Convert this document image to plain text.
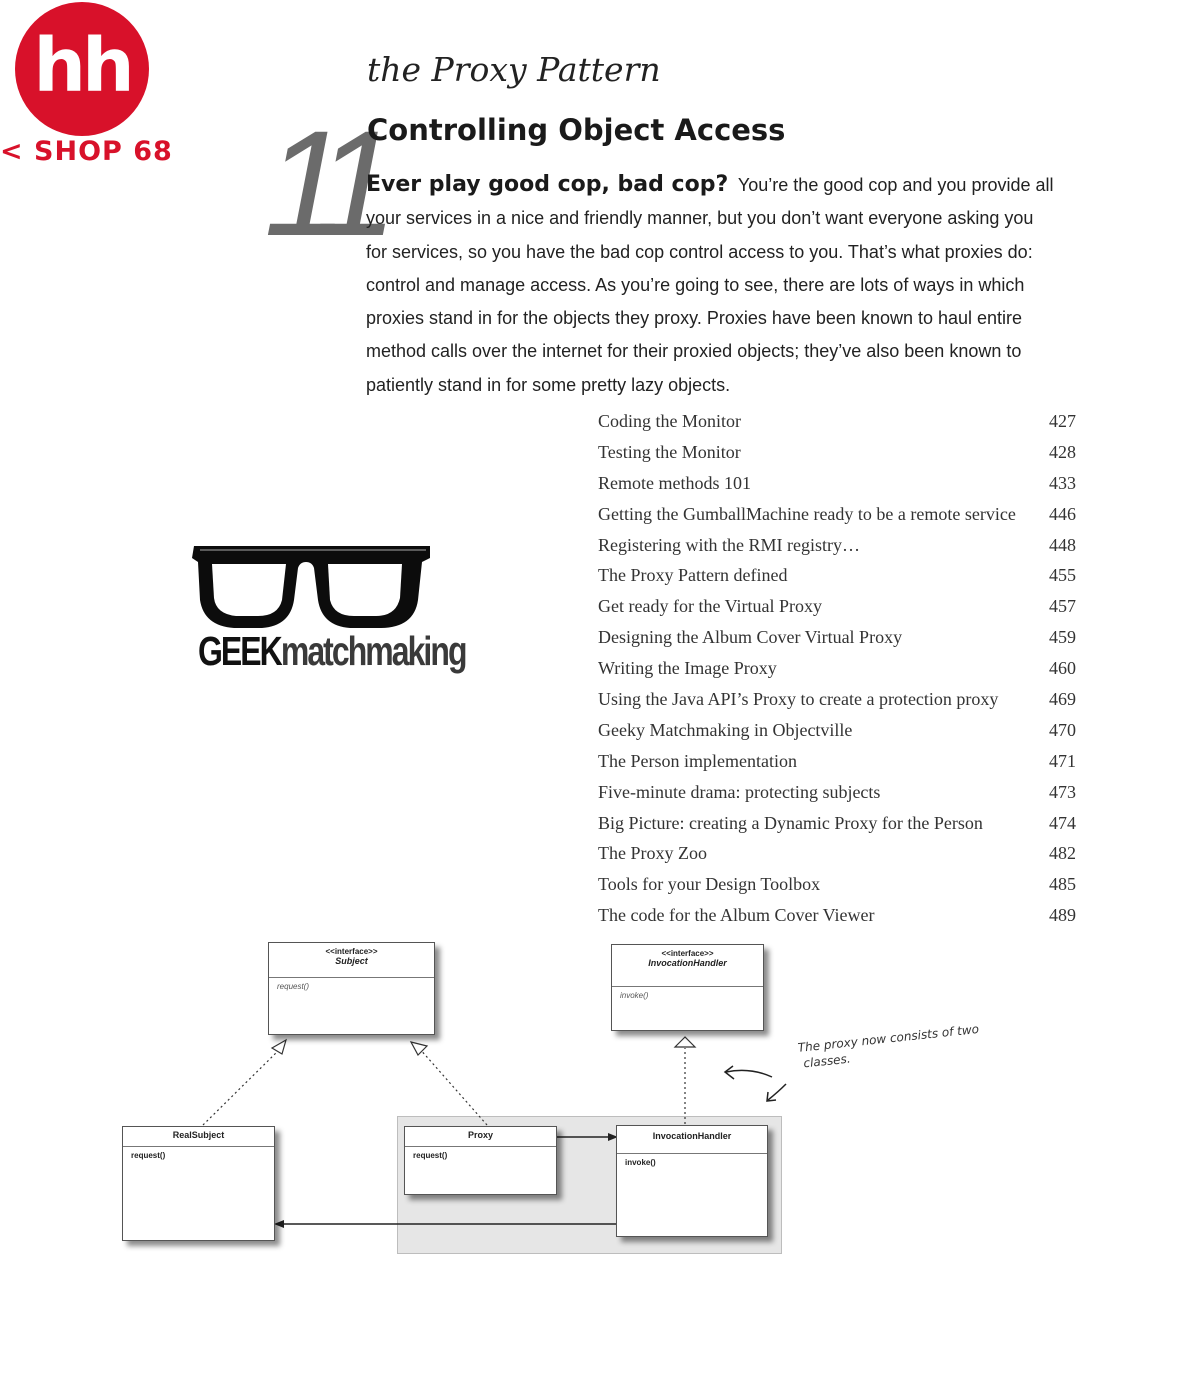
hh
< SHOP 68
the Proxy Pattern
11
Controlling Object Access
Ever play good cop, bad cop? You’re the good cop and you provide all your services in a nice and friendly manner, but you don’t want everyone asking you for services, so you have the bad cop control access to you. That’s what proxies do: control and manage access. As you’re going to see, there are lots of ways in which proxies stand in for the objects they proxy. Proxies have been known to haul entire method calls over the internet for their proxied objects; they’ve also been known to patiently stand in for some pretty lazy objects.
Coding the Monitor	427
Testing the Monitor	428
Remote methods 101	433
Getting the GumballMachine ready to be a remote service 446
Registering with the RMI registry…	448
The Proxy Pattern defined	455
Get ready for the Virtual Proxy	457
Designing the Album Cover Virtual Proxy	459
Writing the Image Proxy	460
Using the Java API’s Proxy to create a protection proxy	469
Geeky Matchmaking in Objectville	470
The Person implementation	471
Five-minute drama: protecting subjects	473
Big Picture: creating a Dynamic Proxy for the Person	474
The Proxy Zoo	482
Tools for your Design Toolbox	485
The code for the Album Cover Viewer	489
GEEKmatchmaking
<<interface>>
Subject
request()
<<interface>>
InvocationHandler
invoke()
RealSubject
request()
Proxy
request()
InvocationHandler
invoke()
The proxy now consists of two
classes.
